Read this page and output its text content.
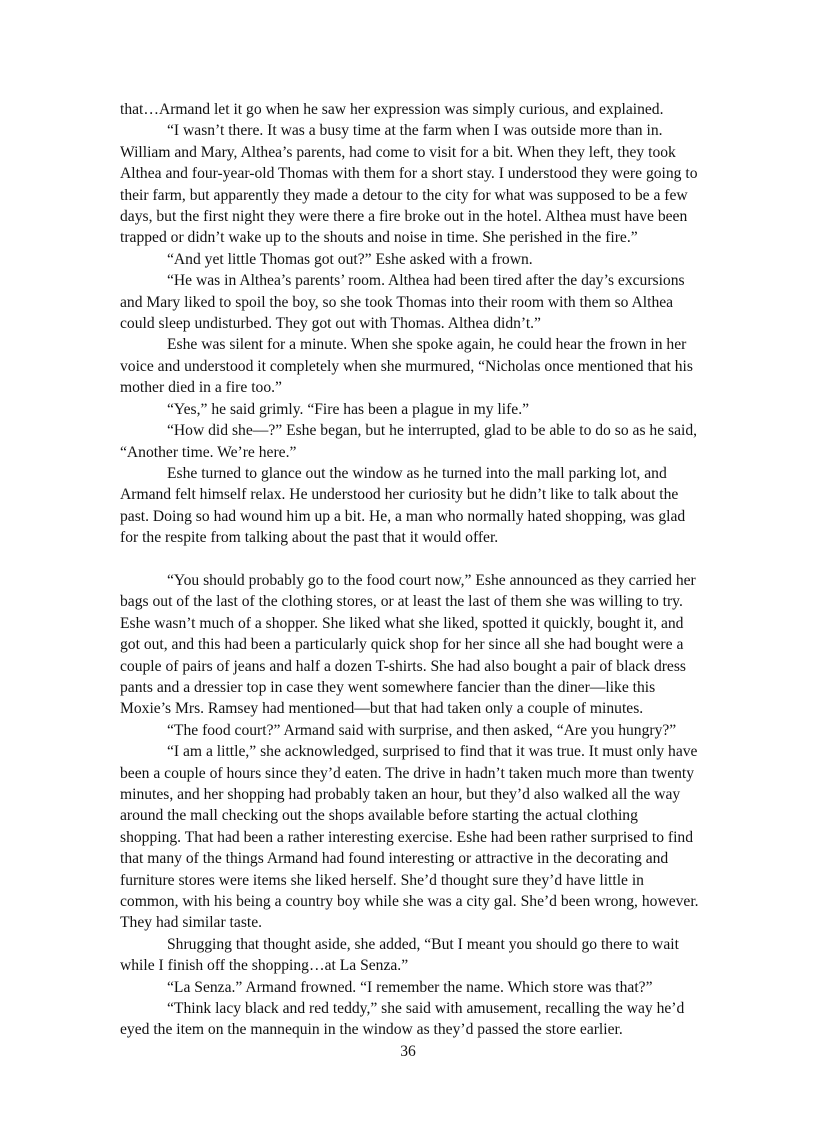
that…Armand let it go when he saw her expression was simply curious, and explained.

“I wasn’t there. It was a busy time at the farm when I was outside more than in. William and Mary, Althea’s parents, had come to visit for a bit. When they left, they took Althea and four-year-old Thomas with them for a short stay. I understood they were going to their farm, but apparently they made a detour to the city for what was supposed to be a few days, but the first night they were there a fire broke out in the hotel. Althea must have been trapped or didn’t wake up to the shouts and noise in time. She perished in the fire.”

“And yet little Thomas got out?” Eshe asked with a frown.

“He was in Althea’s parents’ room. Althea had been tired after the day’s excursions and Mary liked to spoil the boy, so she took Thomas into their room with them so Althea could sleep undisturbed. They got out with Thomas. Althea didn’t.”

Eshe was silent for a minute. When she spoke again, he could hear the frown in her voice and understood it completely when she murmured, “Nicholas once mentioned that his mother died in a fire too.”

“Yes,” he said grimly. “Fire has been a plague in my life.”

“How did she—?” Eshe began, but he interrupted, glad to be able to do so as he said, “Another time. We’re here.”

Eshe turned to glance out the window as he turned into the mall parking lot, and Armand felt himself relax. He understood her curiosity but he didn’t like to talk about the past. Doing so had wound him up a bit. He, a man who normally hated shopping, was glad for the respite from talking about the past that it would offer.

“You should probably go to the food court now,” Eshe announced as they carried her bags out of the last of the clothing stores, or at least the last of them she was willing to try. Eshe wasn’t much of a shopper. She liked what she liked, spotted it quickly, bought it, and got out, and this had been a particularly quick shop for her since all she had bought were a couple of pairs of jeans and half a dozen T-shirts. She had also bought a pair of black dress pants and a dressier top in case they went somewhere fancier than the diner—like this Moxie’s Mrs. Ramsey had mentioned—but that had taken only a couple of minutes.

“The food court?” Armand said with surprise, and then asked, “Are you hungry?”

“I am a little,” she acknowledged, surprised to find that it was true. It must only have been a couple of hours since they’d eaten. The drive in hadn’t taken much more than twenty minutes, and her shopping had probably taken an hour, but they’d also walked all the way around the mall checking out the shops available before starting the actual clothing shopping. That had been a rather interesting exercise. Eshe had been rather surprised to find that many of the things Armand had found interesting or attractive in the decorating and furniture stores were items she liked herself. She’d thought sure they’d have little in common, with his being a country boy while she was a city gal. She’d been wrong, however. They had similar taste.

Shrugging that thought aside, she added, “But I meant you should go there to wait while I finish off the shopping…at La Senza.”

“La Senza.” Armand frowned. “I remember the name. Which store was that?”

“Think lacy black and red teddy,” she said with amusement, recalling the way he’d eyed the item on the mannequin in the window as they’d passed the store earlier.

36
